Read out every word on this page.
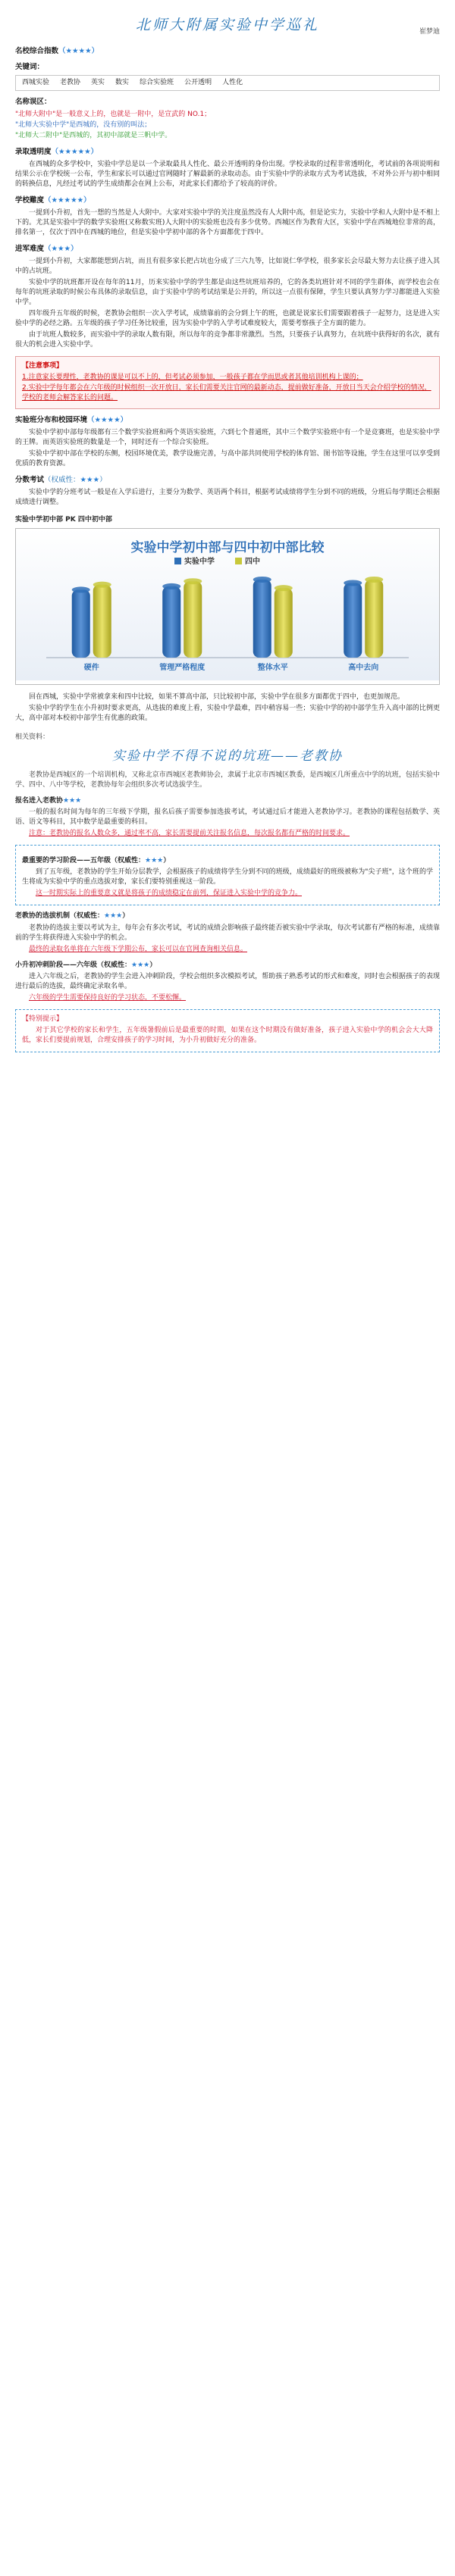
北师大附属实验中学巡礼	崔梦迪
名校综合指数（★★★★）
关键词：
西城实验 老教协 英实 数实 综合实验班 公开透明 人性化
名称误区：
"北师大附中"是一般意义上的，也就是一附中，是宣武的 NO.1；
"北师大实验中学"是西城的，没有别的叫法；
"北师大二附中"是西城的，其初中部就是三帆中学。
录取透明度（★★★★★）
在西城的众多学校中，实验中学总是以一个录取最具人性化、最公开透明的身份出现。学校录取的过程非常透明化，考试前的各项说明和结果公示在学校统一公布，学生和家长可以通过官网随时了解最新的录取动态。由于实验中学的录取方式为考试选拔，不对外公开与初中相同的转换信息，凡经过考试的学生成绩都会在网上公布，对此家长们都给予了较高的评价。
学校難度（★★★★★）
一提到小升初，首先一想的当然是人大附中。大家对实验中学的关注度虽然没有人大附中高，但是论实力，实验中学和人大附中是不相上下的。尤其是实验中学的数学实验班(又称数实班)人大附中的实验班也没有多少优势。西城区作为教育大区，实验中学在西城地位非常的高，排名第一，仅次于四中在西城的地位，但是实验中学初中部的各个方面都优于四中。
进军难度（★★★）
一提到小升初，大家都能想到占坑，而且有很多家长把占坑也分成了三六九等，比如说仁华学校，很多家长会尽最大努力去让孩子进入其中的占坑班。
实验中学的坑班都开设在每年的11月，历来实验中学的学生都是由这些坑班培养的，它的各类坑班针对不同的学生群体，而学校也会在每年的坑班录取的时候公布具体的录取信息，由于实验中学的考试结果是公开的，所以这一点很有保障，学生只要认真努力学习都能进入实验中学。
四年级升五年级的时候，老教协会组织一次入学考试，成绩靠前的会分到上午的班，也就是说家长们需要跟着孩子一起努力，这是进入实验中学的必经之路。五年级的孩子学习任务比较重，因为实验中学的入学考试难度较大，需要考察孩子全方面的能力。
由于坑班人数较多，而实验中学的录取人数有限，所以每年的竞争都非常激烈。当然，只要孩子认真努力，在坑班中获得好的名次，就有很大的机会进入实验中学。
【注意事项】
1.注意家长要理性，老教协的课是可以不上的，但考试必须参加，一般孩子都在学而思或者其他培训机构上课的；
2.实验中学每年都会在六年级的时候组织一次开放日，家长们需要关注官网的最新动态，提前做好准备，开放日当天会介绍学校的情况，学校的老师会解答家长的问题。
实验班分布和校园环境（★★★★）
实验中学初中部每年级都有三个数学实验班和两个英语实验班，六到七个普通班，其中三个数学实验班中有一个是竞赛班，也是实验中学的王牌。而英语实验班的数量是一个，同时还有一个综合实验班。
实验中学初中部在学校的东侧，校园环境优美，教学设施完善，与高中部共同使用学校的体育馆、图书馆等设施，学生在这里可以享受到优质的教育资源。
分数考试（权威性：★★★）
实验中学的分班考试一般是在入学后进行，主要分为数学、英语两个科目，根据考试成绩将学生分到不同的班级，分班后每学期还会根据成绩进行调整。
实验中学初中部 PK 四中初中部
实验中学初中部与四中初中部比较
实验中学	四中
硬件	管理严格程度	整体水平	高中去向
回在西城，实验中学常被拿来和四中比较，如果不算高中部，只比较初中部，实验中学在很多方面都优于四中，也更加规范。
实验中学的学生在小升初时要求更高，从选拔的难度上看，实验中学最难，四中稍容易一些；实验中学的初中部学生升入高中部的比例更大，高中部对本校初中部学生有优惠的政策。
相关资料：
实验中学不得不说的坑班——老教协
老教协是西城区的一个培训机构，又称北京市西城区老教师协会，隶属于北京市西城区教委，是西城区几所重点中学的坑班，包括实验中学、四中、八中等学校，老教协每年会组织多次考试选拔学生。
报名进入老教协★★★
一般的报名时间为每年的三年级下学期，报名后孩子需要参加选拔考试，考试通过后才能进入老教协学习。老教协的课程包括数学、英语、语文等科目，其中数学是最重要的科目。
注意：老教协的报名人数众多，通过率不高，家长需要提前关注报名信息，每次报名都有严格的时间要求。
最重要的学习阶段——五年级（权威性：★★★）
到了五年级，老教协的学生开始分层教学，会根据孩子的成绩将学生分到不同的班级，成绩最好的班级被称为"尖子班"，这个班的学生将成为实验中学的重点选拔对象，家长们要特别重视这一阶段。
这一时期实际上的重要意义就是将孩子的成绩稳定在前列，保证进入实验中学的竞争力。
老教协的选拔机制（权威性：★★★）
老教协的选拔主要以考试为主，每年会有多次考试，考试的成绩会影响孩子最终能否被实验中学录取，每次考试都有严格的标准，成绩靠前的学生将获得进入实验中学的机会。
最终的录取名单将在六年级下学期公布，家长可以在官网查询相关信息。
小升初冲刺阶段——六年级（权威性：★★★）
进入六年级之后，老教协的学生会进入冲刺阶段，学校会组织多次模拟考试，帮助孩子熟悉考试的形式和难度，同时也会根据孩子的表现进行最后的选拔，最终确定录取名单。
六年级的学生需要保持良好的学习状态，不要松懈。
【特别提示】
对于其它学校的家长和学生，五年级暑假前后是最重要的时期，如果在这个时期没有做好准备，孩子进入实验中学的机会会大大降低，家长们要提前规划，合理安排孩子的学习时间，为小升初做好充分的准备。
